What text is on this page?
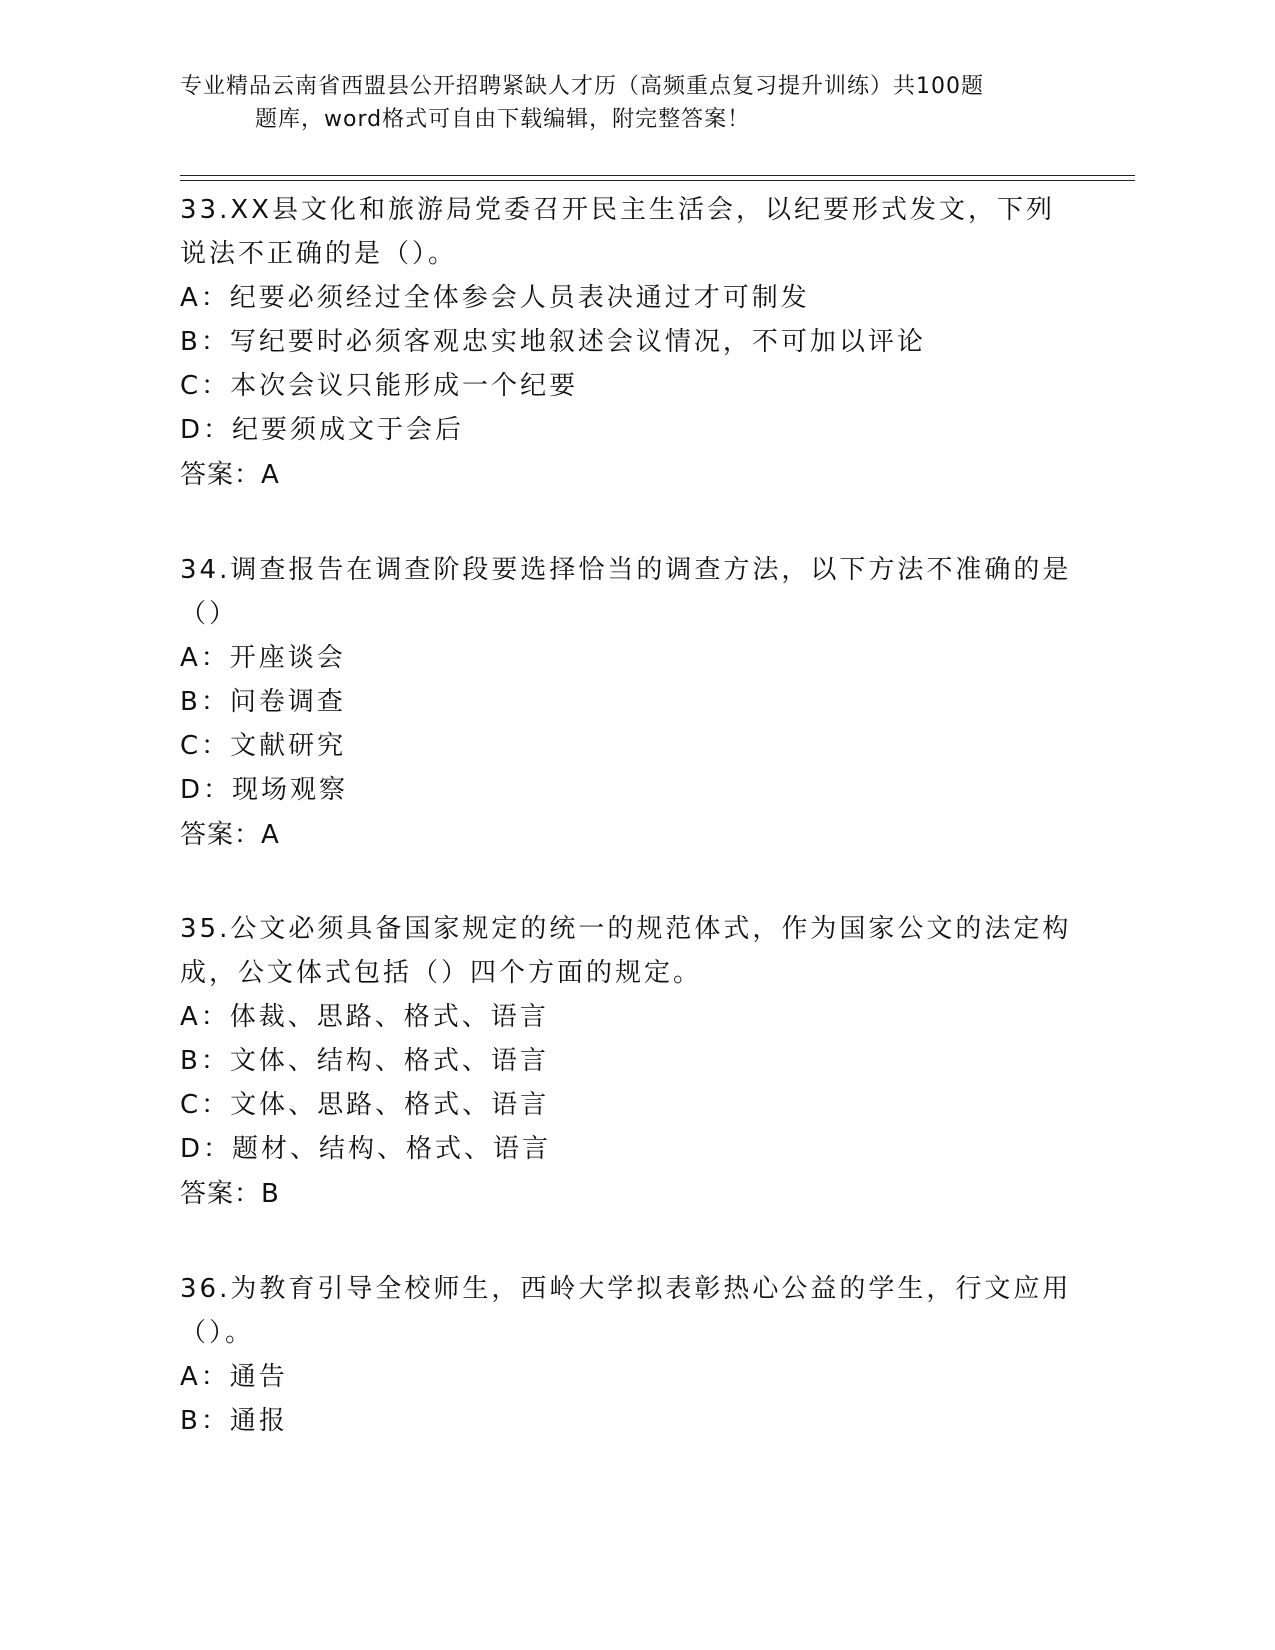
专业精品云南省西盟县公开招聘紧缺人才历（高频重点复习提升训练）共100题
题库，word格式可自由下载编辑，附完整答案！

33.XX县文化和旅游局党委召开民主生活会，以纪要形式发文，下列说法不正确的是（）。

A：纪要必须经过全体参会人员表决通过才可制发

B：写纪要时必须客观忠实地叙述会议情况，不可加以评论

C：本次会议只能形成一个纪要

D：纪要须成文于会后

答案：A

34.调查报告在调查阶段要选择恰当的调查方法，以下方法不准确的是（）

A：开座谈会

B：问卷调查

C：文献研究

D：现场观察

答案：A

35.公文必须具备国家规定的统一的规范体式，作为国家公文的法定构成，公文体式包括（）四个方面的规定。

A：体裁、思路、格式、语言

B：文体、结构、格式、语言

C：文体、思路、格式、语言

D：题材、结构、格式、语言

答案：B

36.为教育引导全校师生，西岭大学拟表彰热心公益的学生，行文应用（）。

A：通告

B：通报
